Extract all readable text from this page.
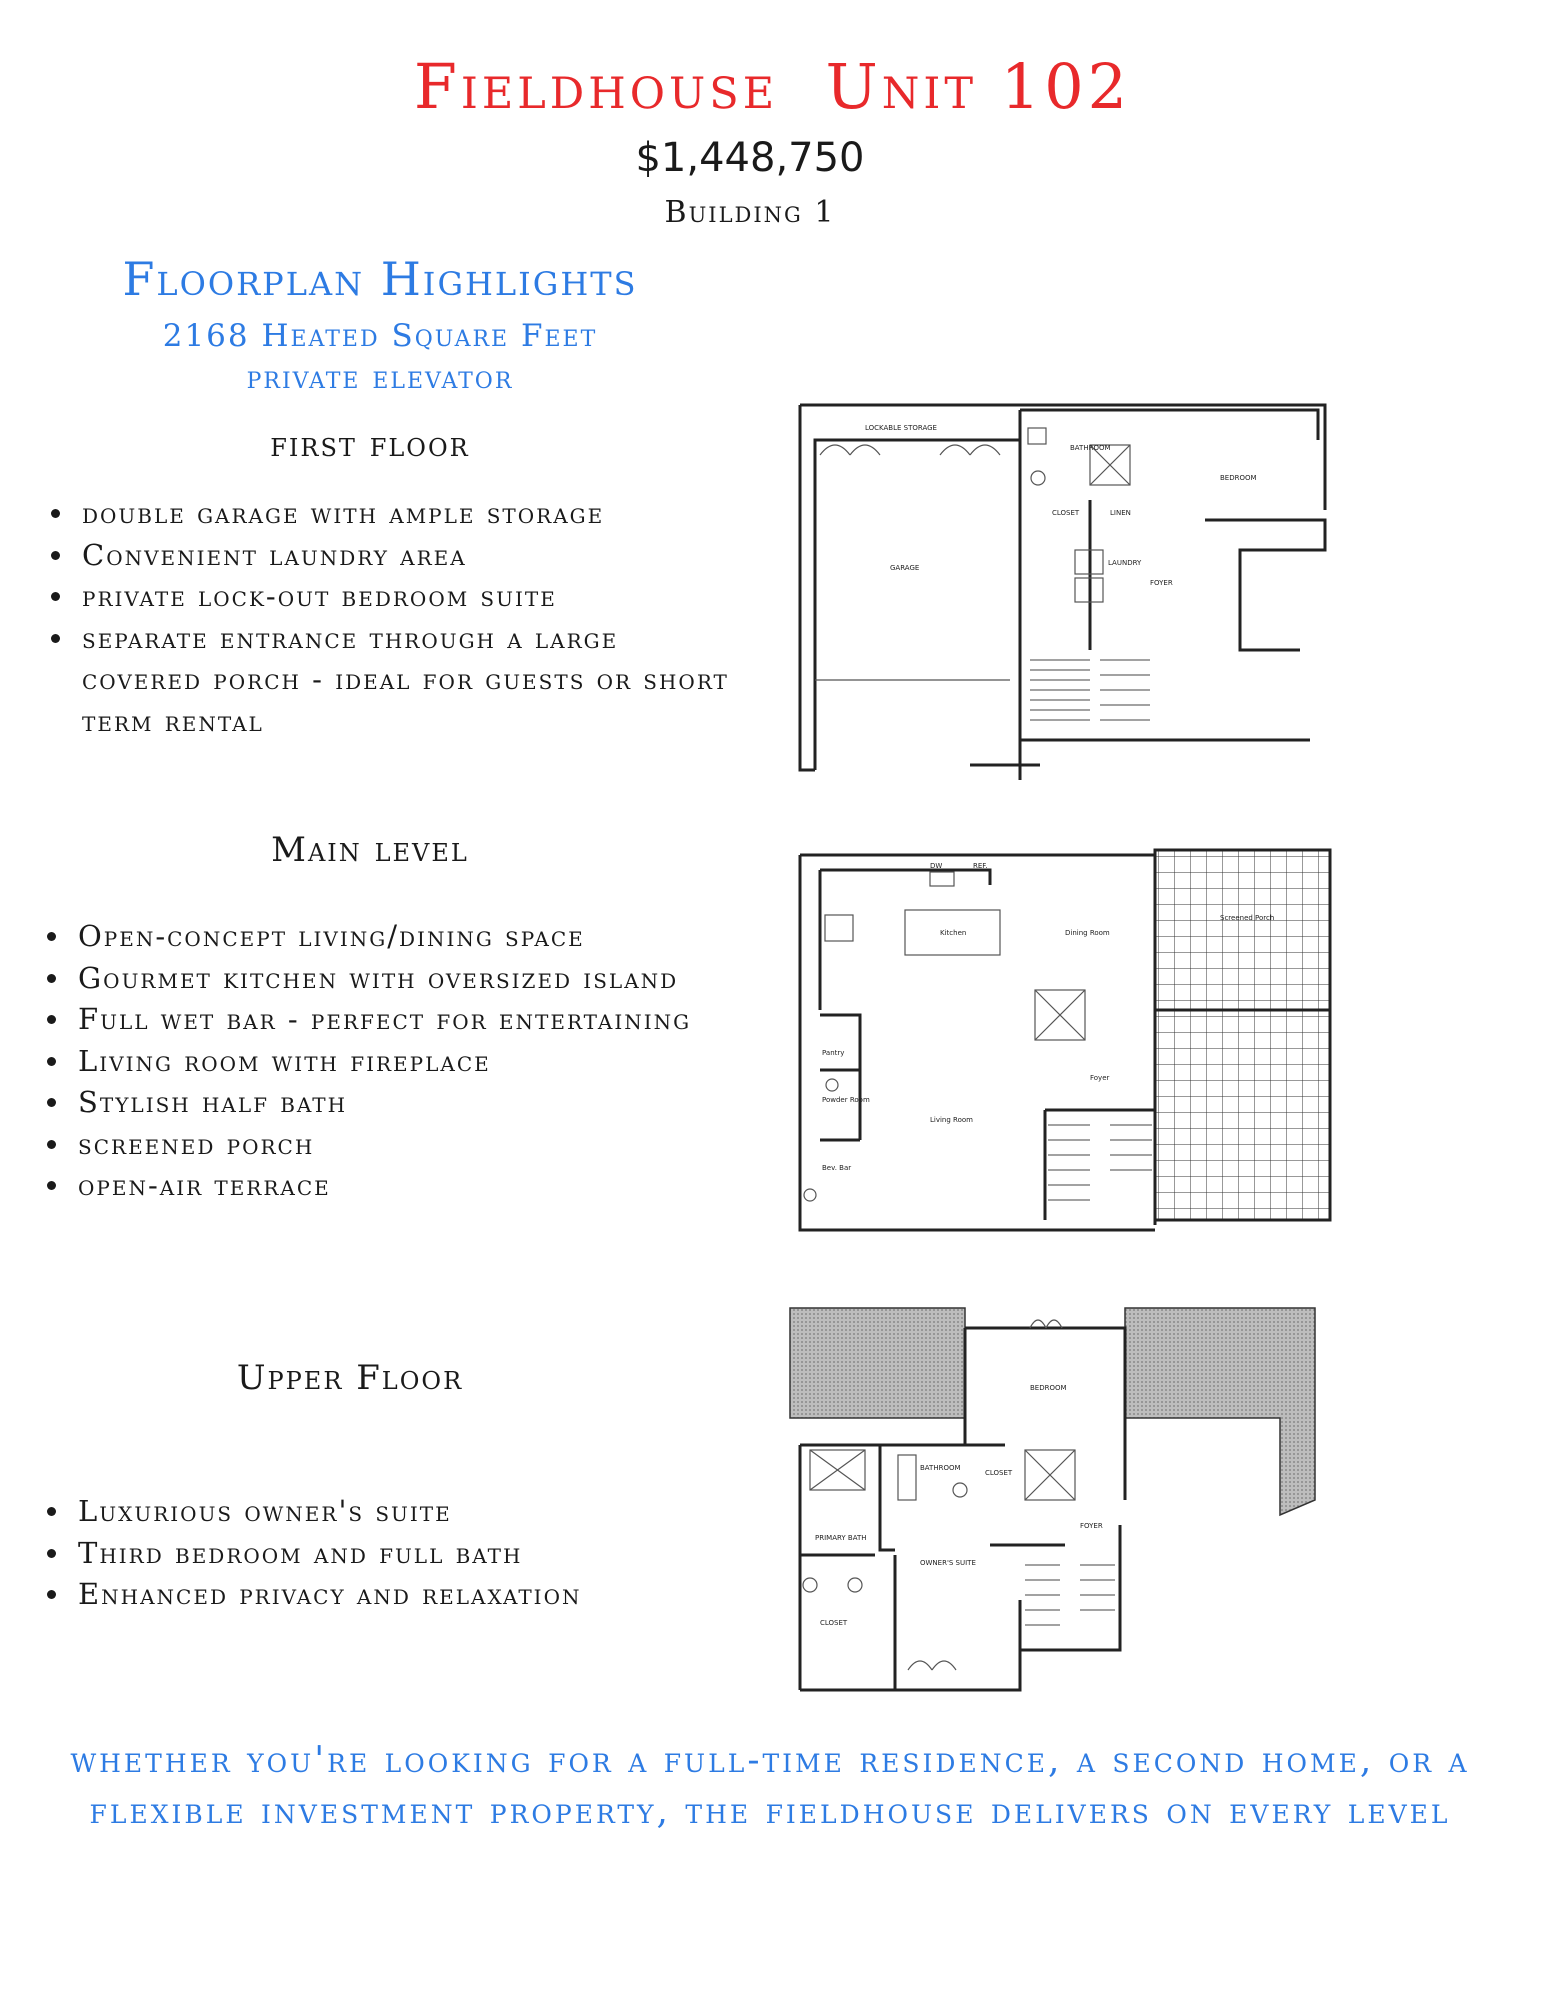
Fieldhouse  Unit 102
$1,448,750
Building 1
Floorplan Highlights
2168 Heated Square Feet
private elevator
first floor
• double garage with ample storage
• Convenient laundry area
• private lock-out bedroom suite
• separate entrance through a large covered porch - ideal for guests or short term rental
LOCKABLE STORAGE
BATHROOM
BEDROOM
CLOSET	LINEN
GARAGE
LAUNDRY
FOYER
Main level
• Open-concept living/dining space
• Gourmet kitchen with oversized island
• Full wet bar - perfect for entertaining
• Living room with fireplace
• Stylish half bath
• screened porch
• open-air terrace
Kitchen	Dining Room
Screened Porch
Pantry
Powder Room
Living Room
Foyer
Bev. Bar
DW	REF.
Upper Floor
• Luxurious owner's suite
• Third bedroom and full bath
• Enhanced privacy and relaxation
BEDROOM
BATHROOM
CLOSET
PRIMARY BATH
OWNER'S SUITE
CLOSET
FOYER
whether you're looking for a full-time residence, a second home, or a flexible investment property, the fieldhouse delivers on every level
